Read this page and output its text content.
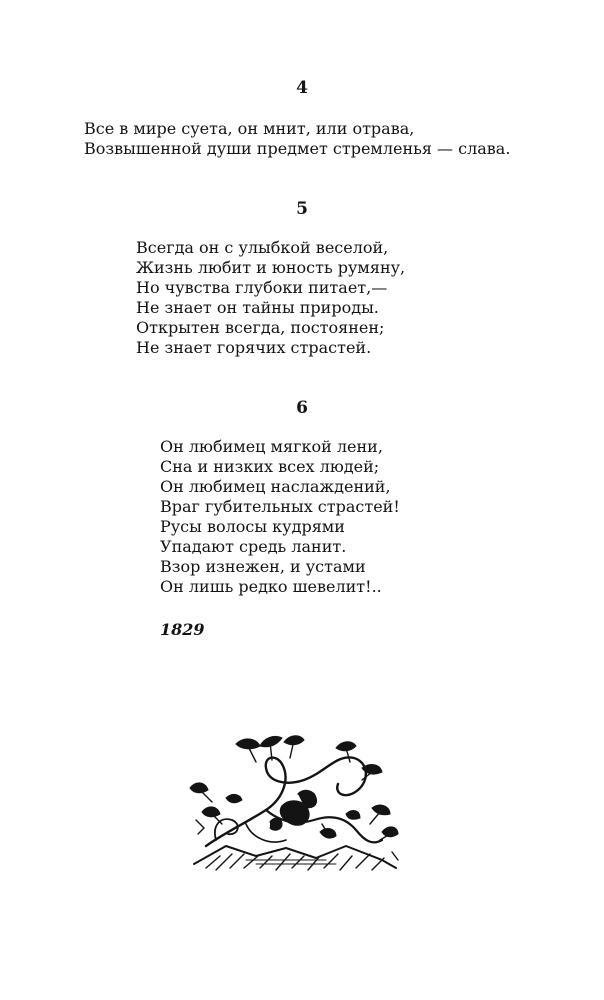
4

Все в мире суета, он мнит, или отрава,
Возвышенной души предмет стремленья — слава.

5

Всегда он с улыбкой веселой,
Жизнь любит и юность румяну,
Но чувства глубоки питает,—
Не знает он тайны природы.
Открытен всегда, постоянен;
Не знает горячих страстей.

6

Он любимец мягкой лени,
Сна и низких всех людей;
Он любимец наслаждений,
Враг губительных страстей!
Русы волосы кудрями
Упадают средь ланит.
Взор изнежен, и устами
Он лишь редко шевелит!..

1829
